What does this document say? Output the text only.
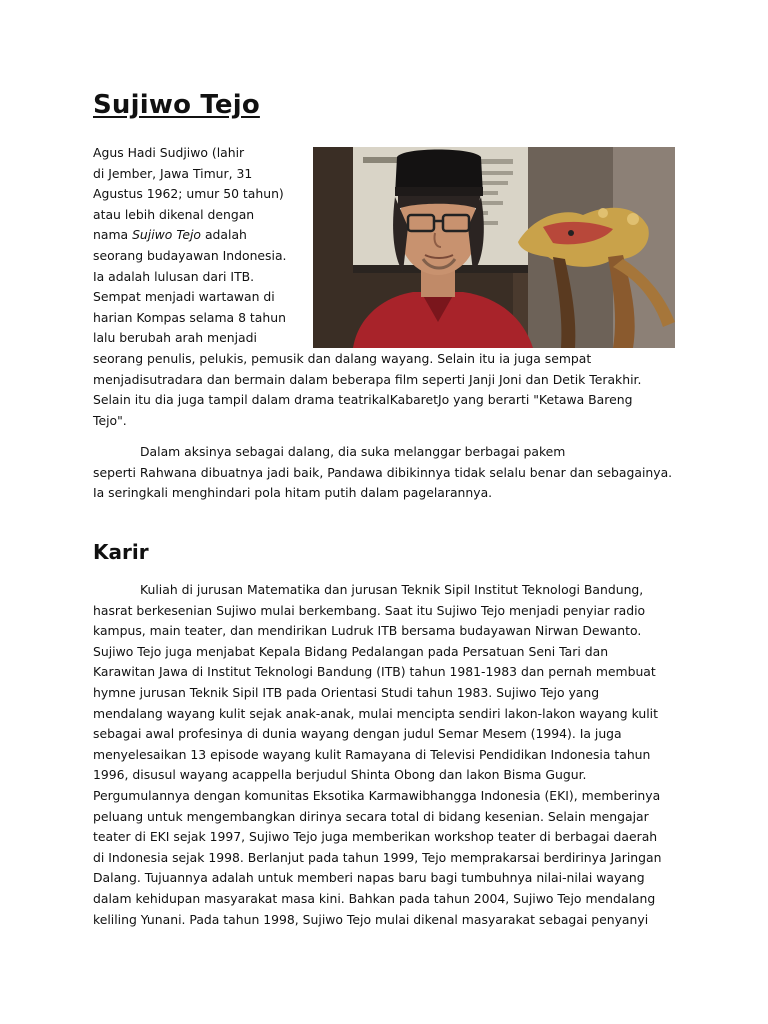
Sujiwo Tejo
Agus Hadi Sudjiwo (lahir
di Jember, Jawa Timur, 31
Agustus 1962; umur 50 tahun)
atau lebih dikenal dengan
nama Sujiwo Tejo adalah
seorang budayawan Indonesia.
Ia adalah lulusan dari ITB.
Sempat menjadi wartawan di
harian Kompas selama 8 tahun
lalu berubah arah menjadi
seorang penulis, pelukis, pemusik dan dalang wayang. Selain itu ia juga sempat
menjadisutradara dan bermain dalam beberapa film seperti Janji Joni dan Detik Terakhir.
Selain itu dia juga tampil dalam drama teatrikalKabaretJo yang berarti "Ketawa Bareng
Tejo".
Dalam aksinya sebagai dalang, dia suka melanggar berbagai pakem
seperti Rahwana dibuatnya jadi baik, Pandawa dibikinnya tidak selalu benar dan sebagainya.
Ia seringkali menghindari pola hitam putih dalam pagelarannya.
Karir
Kuliah di jurusan Matematika dan jurusan Teknik Sipil Institut Teknologi Bandung,
hasrat berkesenian Sujiwo mulai berkembang. Saat itu Sujiwo Tejo menjadi penyiar radio
kampus, main teater, dan mendirikan Ludruk ITB bersama budayawan Nirwan Dewanto.
Sujiwo Tejo juga menjabat Kepala Bidang Pedalangan pada Persatuan Seni Tari dan
Karawitan Jawa di Institut Teknologi Bandung (ITB) tahun 1981-1983 dan pernah membuat
hymne jurusan Teknik Sipil ITB pada Orientasi Studi tahun 1983. Sujiwo Tejo yang
mendalang wayang kulit sejak anak-anak, mulai mencipta sendiri lakon-lakon wayang kulit
sebagai awal profesinya di dunia wayang dengan judul Semar Mesem (1994). Ia juga
menyelesaikan 13 episode wayang kulit Ramayana di Televisi Pendidikan Indonesia tahun
1996, disusul wayang acappella berjudul Shinta Obong dan lakon Bisma Gugur.
Pergumulannya dengan komunitas Eksotika Karmawibhangga Indonesia (EKI), memberinya
peluang untuk mengembangkan dirinya secara total di bidang kesenian. Selain mengajar
teater di EKI sejak 1997, Sujiwo Tejo juga memberikan workshop teater di berbagai daerah
di Indonesia sejak 1998. Berlanjut pada tahun 1999, Tejo memprakarsai berdirinya Jaringan
Dalang. Tujuannya adalah untuk memberi napas baru bagi tumbuhnya nilai-nilai wayang
dalam kehidupan masyarakat masa kini. Bahkan pada tahun 2004, Sujiwo Tejo mendalang
keliling Yunani. Pada tahun 1998, Sujiwo Tejo mulai dikenal masyarakat sebagai penyanyi
